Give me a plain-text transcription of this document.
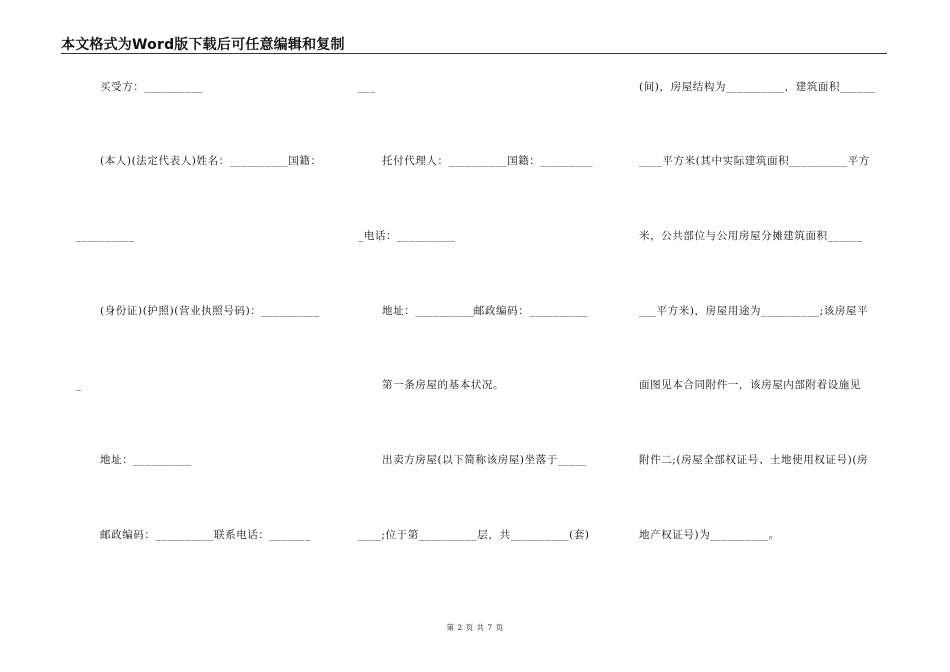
本文格式为Word版下载后可任意编辑和复制
买受方：__________
(本人)(法定代表人)姓名：__________国籍：
__________
(身份证)(护照)(营业执照号码)：__________
_
地址：__________
邮政编码：__________联系电话：_______
___
托付代理人：__________国籍：_________
_电话：__________
地址：__________邮政编码：__________
第一条房屋的基本状况。
出卖方房屋(以下简称该房屋)坐落于_____
____;位于第__________层，共__________(套)
(间)，房屋结构为__________，建筑面积______
____平方米(其中实际建筑面积__________平方
米，公共部位与公用房屋分摊建筑面积______
___平方米)，房屋用途为__________;该房屋平
面图见本合同附件一，该房屋内部附着设施见
附件二;(房屋全部权证号、土地使用权证号)(房
地产权证号)为__________。
第 2 页 共 7 页
